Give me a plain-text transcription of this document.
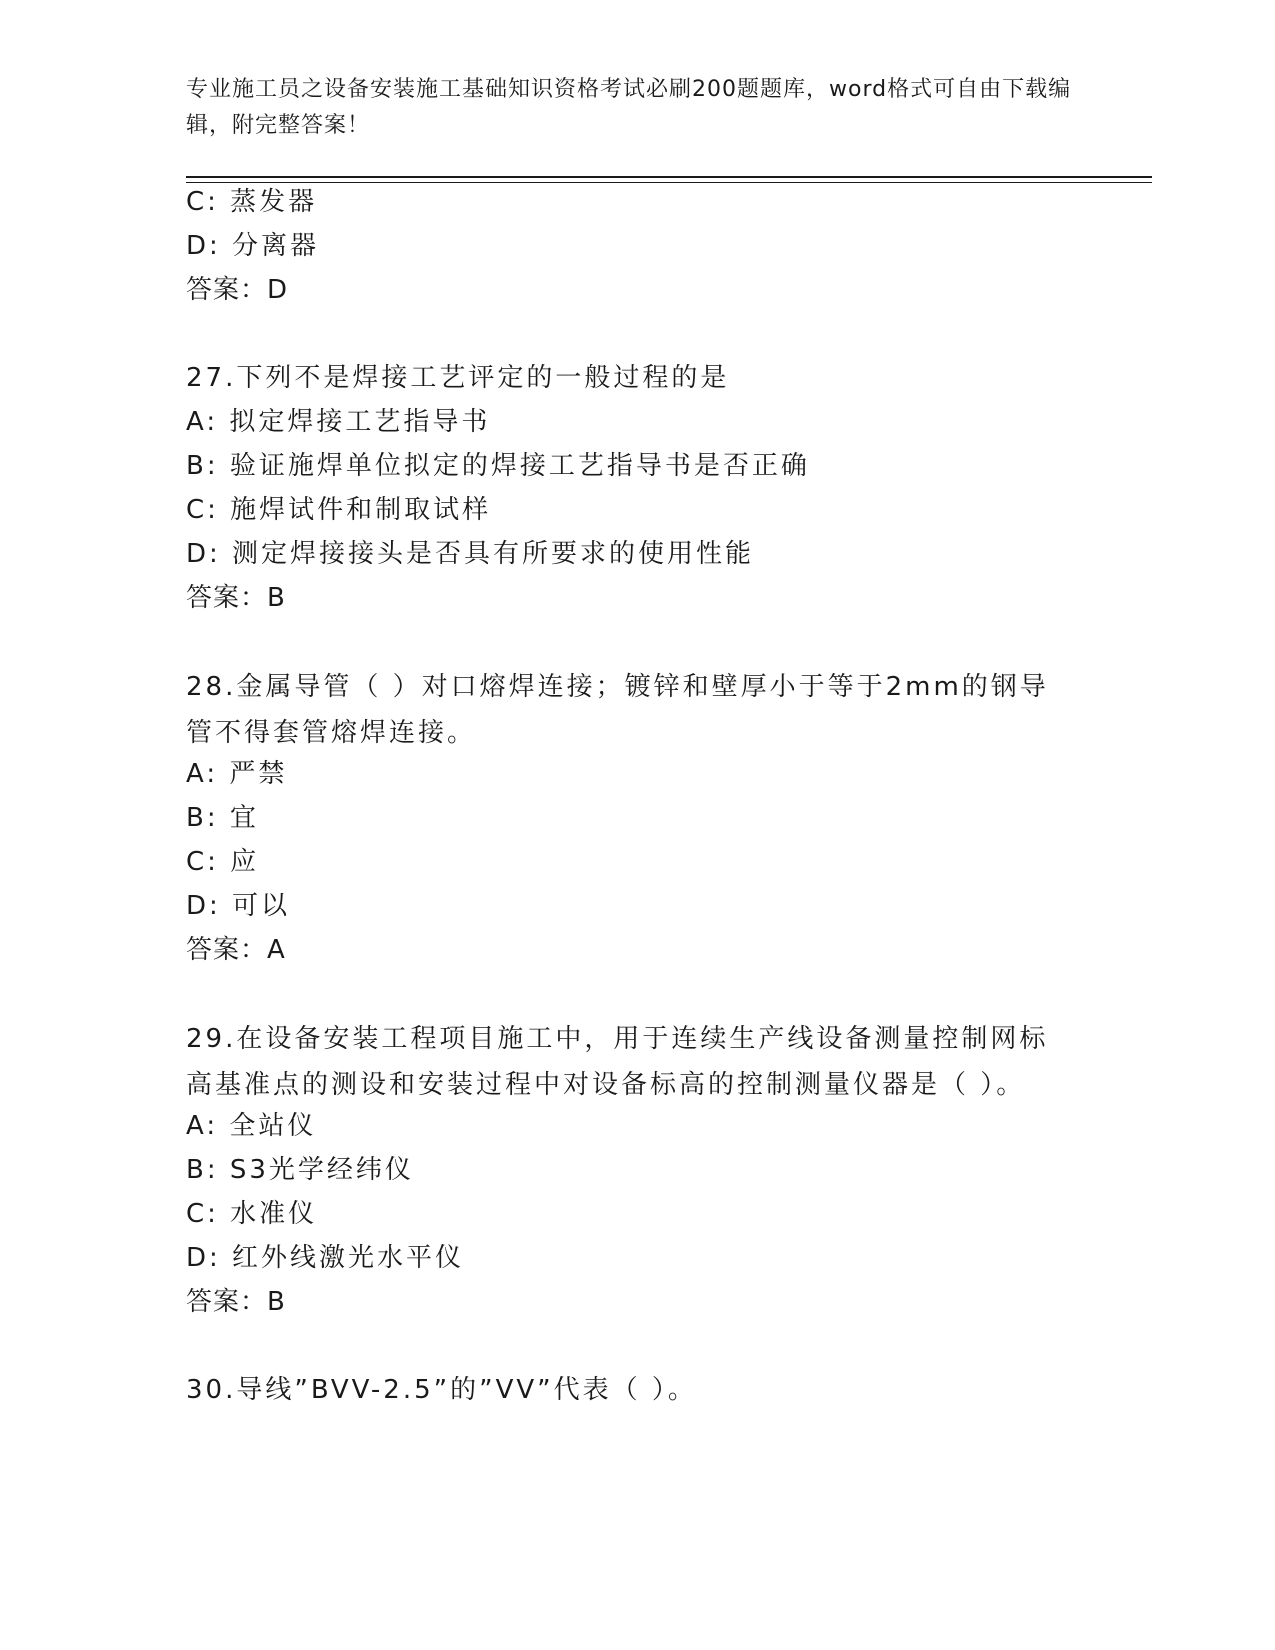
专业施工员之设备安装施工基础知识资格考试必刷200题题库，word格式可自由下载编辑，附完整答案！
C: 蒸发器
D: 分离器
答案：D
27.下列不是焊接工艺评定的一般过程的是
A: 拟定焊接工艺指导书
B: 验证施焊单位拟定的焊接工艺指导书是否正确
C: 施焊试件和制取试样
D: 测定焊接接头是否具有所要求的使用性能
答案：B
28.金属导管（ ）对口熔焊连接；镀锌和壁厚小于等于2mm的钢导管不得套管熔焊连接。
A: 严禁
B: 宜
C: 应
D: 可以
答案：A
29.在设备安装工程项目施工中，用于连续生产线设备测量控制网标高基准点的测设和安装过程中对设备标高的控制测量仪器是（ ）。
A: 全站仪
B: S3光学经纬仪
C: 水准仪
D: 红外线激光水平仪
答案：B
30.导线”BVV-2.5”的”VV”代表（ ）。
